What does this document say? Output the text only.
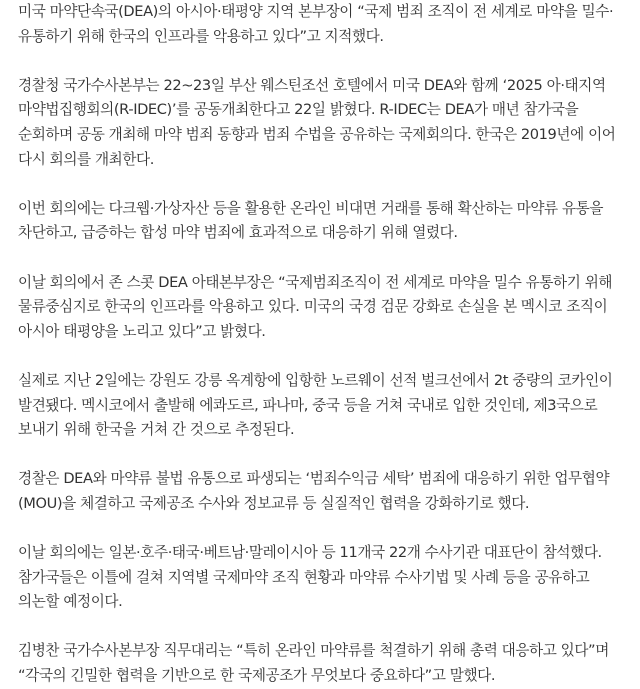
미국 마약단속국(DEA)의 아시아·태평양 지역 본부장이 “국제 범죄 조직이 전 세계로 마약을 밀수·유통하기 위해 한국의 인프라를 악용하고 있다”고 지적했다.

경찰청 국가수사본부는 22~23일 부산 웨스틴조선 호텔에서 미국 DEA와 함께 ‘2025 아·태지역 마약법집행회의(R-IDEC)’를 공동개최한다고 22일 밝혔다. R-IDEC는 DEA가 매년 참가국을 순회하며 공동 개최해 마약 범죄 동향과 범죄 수법을 공유하는 국제회의다. 한국은 2019년에 이어 다시 회의를 개최한다.

이번 회의에는 다크웹·가상자산 등을 활용한 온라인 비대면 거래를 통해 확산하는 마약류 유통을 차단하고, 급증하는 합성 마약 범죄에 효과적으로 대응하기 위해 열렸다.

이날 회의에서 존 스콧 DEA 아태본부장은 “국제범죄조직이 전 세계로 마약을 밀수 유통하기 위해 물류중심지로 한국의 인프라를 악용하고 있다. 미국의 국경 검문 강화로 손실을 본 멕시코 조직이 아시아 태평양을 노리고 있다”고 밝혔다.

실제로 지난 2일에는 강원도 강릉 옥계항에 입항한 노르웨이 선적 벌크선에서 2t 중량의 코카인이 발견됐다. 멕시코에서 출발해 에콰도르, 파나마, 중국 등을 거쳐 국내로 입한 것인데, 제3국으로 보내기 위해 한국을 거쳐 간 것으로 추정된다.

경찰은 DEA와 마약류 불법 유통으로 파생되는 ‘범죄수익금 세탁’ 범죄에 대응하기 위한 업무협약(MOU)을 체결하고 국제공조 수사와 정보교류 등 실질적인 협력을 강화하기로 했다.

이날 회의에는 일본·호주·태국·베트남·말레이시아 등 11개국 22개 수사기관 대표단이 참석했다. 참가국들은 이틀에 걸쳐 지역별 국제마약 조직 현황과 마약류 수사기법 및 사례 등을 공유하고 의논할 예정이다.

김병찬 국가수사본부장 직무대리는 “특히 온라인 마약류를 척결하기 위해 총력 대응하고 있다”며 “각국의 긴밀한 협력을 기반으로 한 국제공조가 무엇보다 중요하다”고 말했다.
